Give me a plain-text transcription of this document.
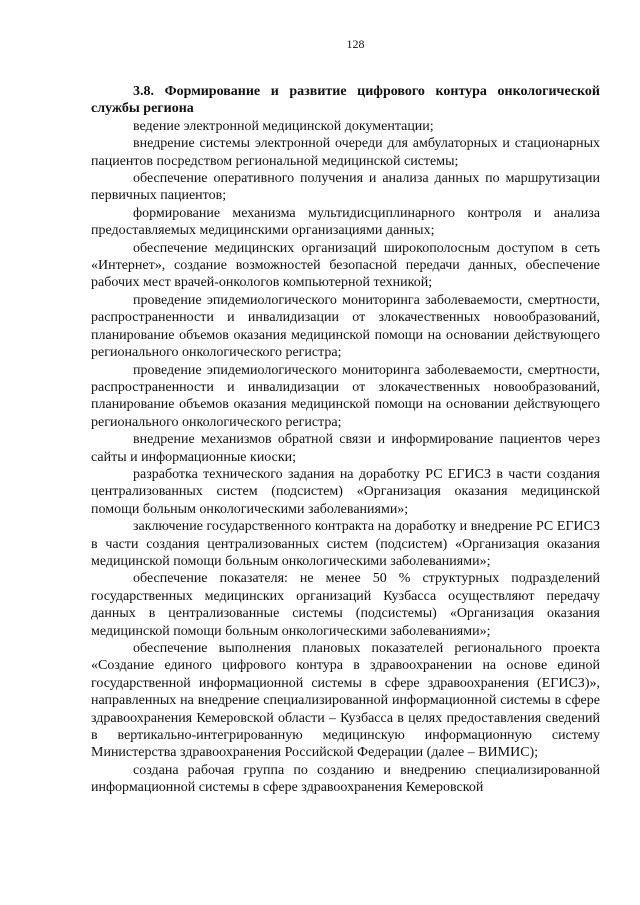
128

3.8. Формирование и развитие цифрового контура онкологической службы региона

ведение электронной медицинской документации;

внедрение системы электронной очереди для амбулаторных и стационарных пациентов посредством региональной медицинской системы;

обеспечение оперативного получения и анализа данных по маршрутизации первичных пациентов;

формирование механизма мультидисциплинарного контроля и анализа предоставляемых медицинскими организациями данных;

обеспечение медицинских организаций широкополосным доступом в сеть «Интернет», создание возможностей безопасной передачи данных, обеспечение рабочих мест врачей-онкологов компьютерной техникой;

проведение эпидемиологического мониторинга заболеваемости, смертности, распространенности и инвалидизации от злокачественных новообразований, планирование объемов оказания медицинской помощи на основании действующего регионального онкологического регистра;

проведение эпидемиологического мониторинга заболеваемости, смертности, распространенности и инвалидизации от злокачественных новообразований, планирование объемов оказания медицинской помощи на основании действующего регионального онкологического регистра;

внедрение механизмов обратной связи и информирование пациентов через сайты и информационные киоски;

разработка технического задания на доработку РС ЕГИСЗ в части создания централизованных систем (подсистем) «Организация оказания медицинской помощи больным онкологическими заболеваниями»;

заключение государственного контракта на доработку и внедрение РС ЕГИСЗ в части создания централизованных систем (подсистем) «Организация оказания медицинской помощи больным онкологическими заболеваниями»;

обеспечение показателя: не менее 50 % структурных подразделений государственных медицинских организаций Кузбасса осуществляют передачу данных в централизованные системы (подсистемы) «Организация оказания медицинской помощи больным онкологическими заболеваниями»;

обеспечение выполнения плановых показателей регионального проекта «Создание единого цифрового контура в здравоохранении на основе единой государственной информационной системы в сфере здравоохранения (ЕГИСЗ)», направленных на внедрение специализированной информационной системы в сфере здравоохранения Кемеровской области – Кузбасса в целях предоставления сведений в вертикально-интегрированную медицинскую информационную систему Министерства здравоохранения Российской Федерации (далее – ВИМИС);

создана рабочая группа по созданию и внедрению специализированной информационной системы в сфере здравоохранения Кемеровской
